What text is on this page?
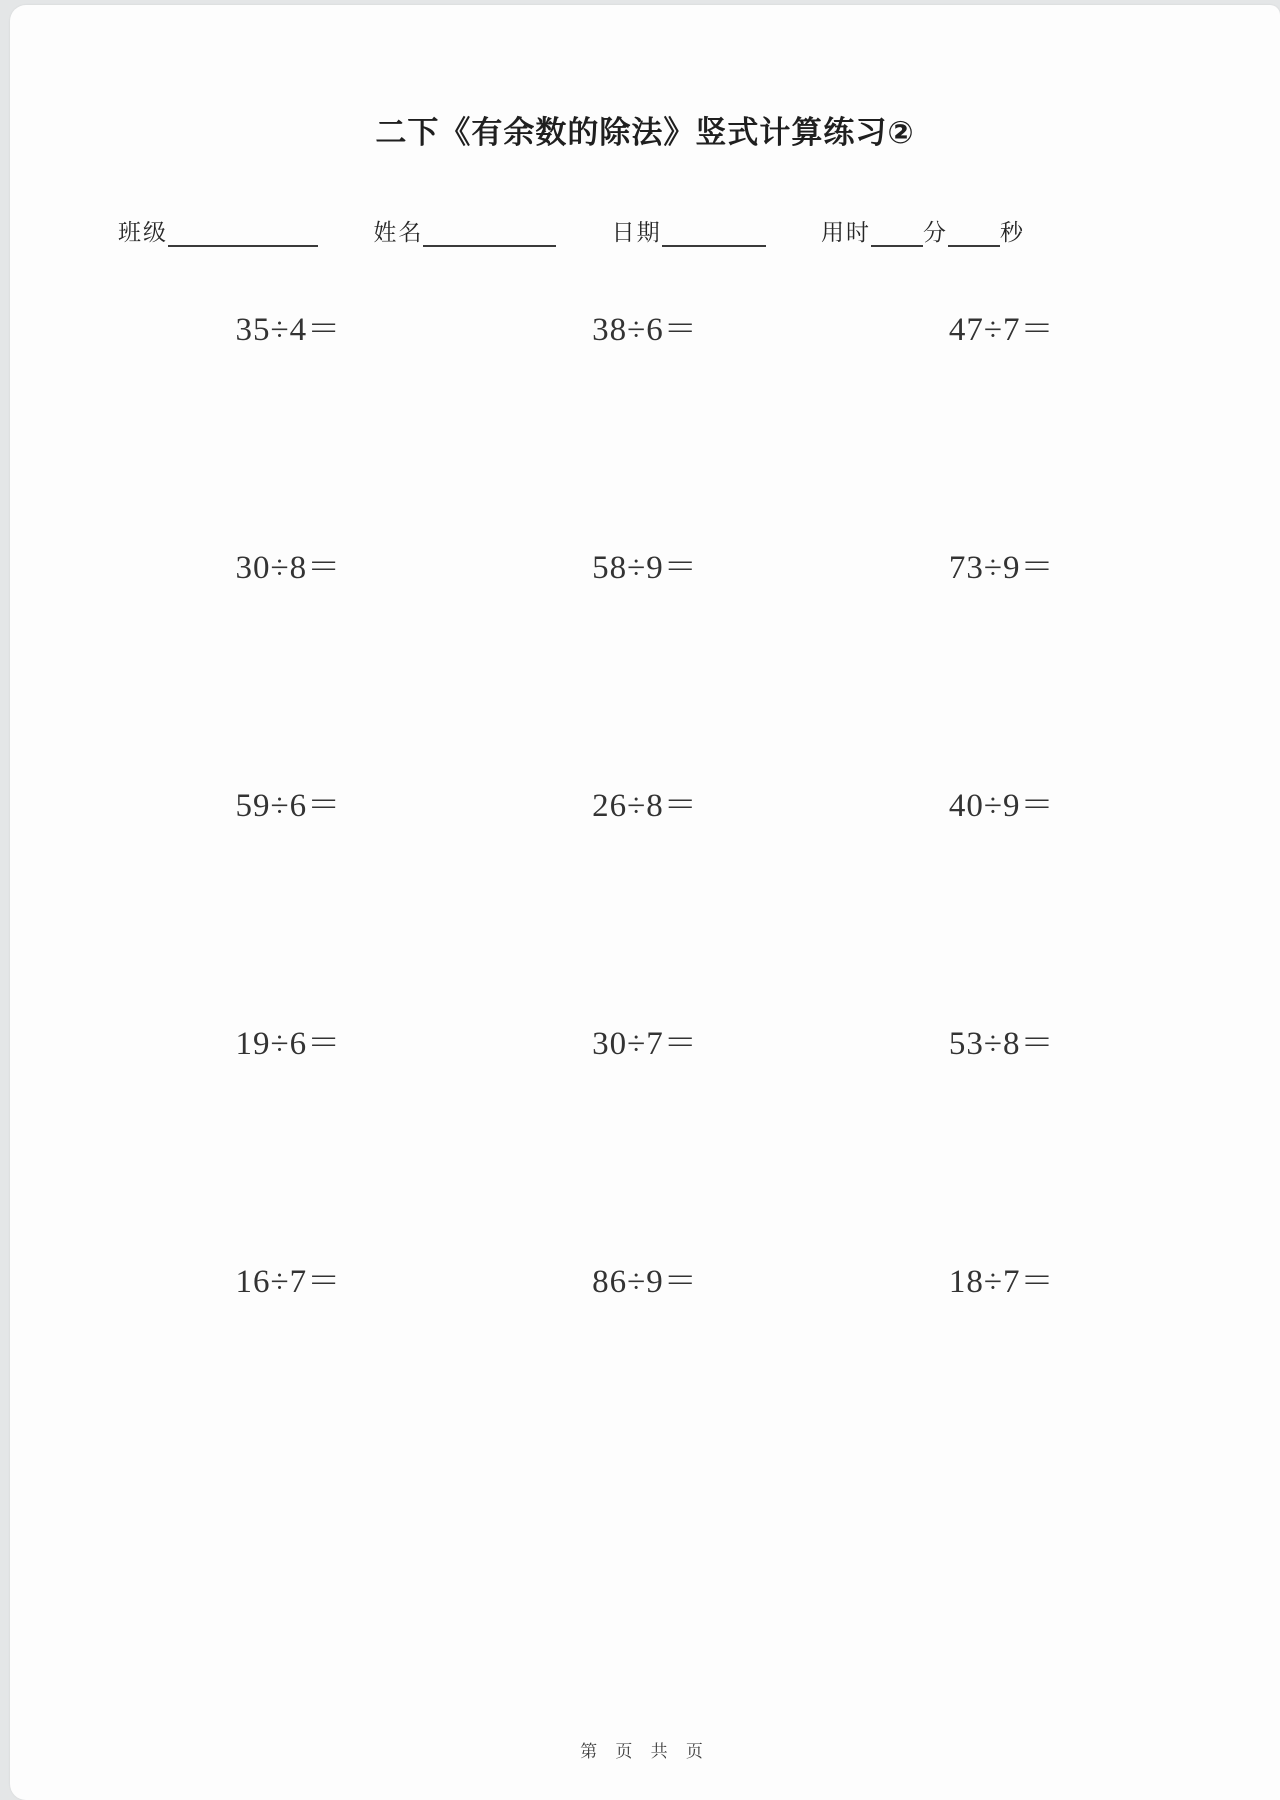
二下《有余数的除法》竖式计算练习②
班级	姓名	日期	用时 分 秒
35÷4＝	38÷6＝	47÷7＝
30÷8＝	58÷9＝	73÷9＝
59÷6＝	26÷8＝	40÷9＝
19÷6＝	30÷7＝	53÷8＝
16÷7＝	86÷9＝	18÷7＝
第 页 共 页
